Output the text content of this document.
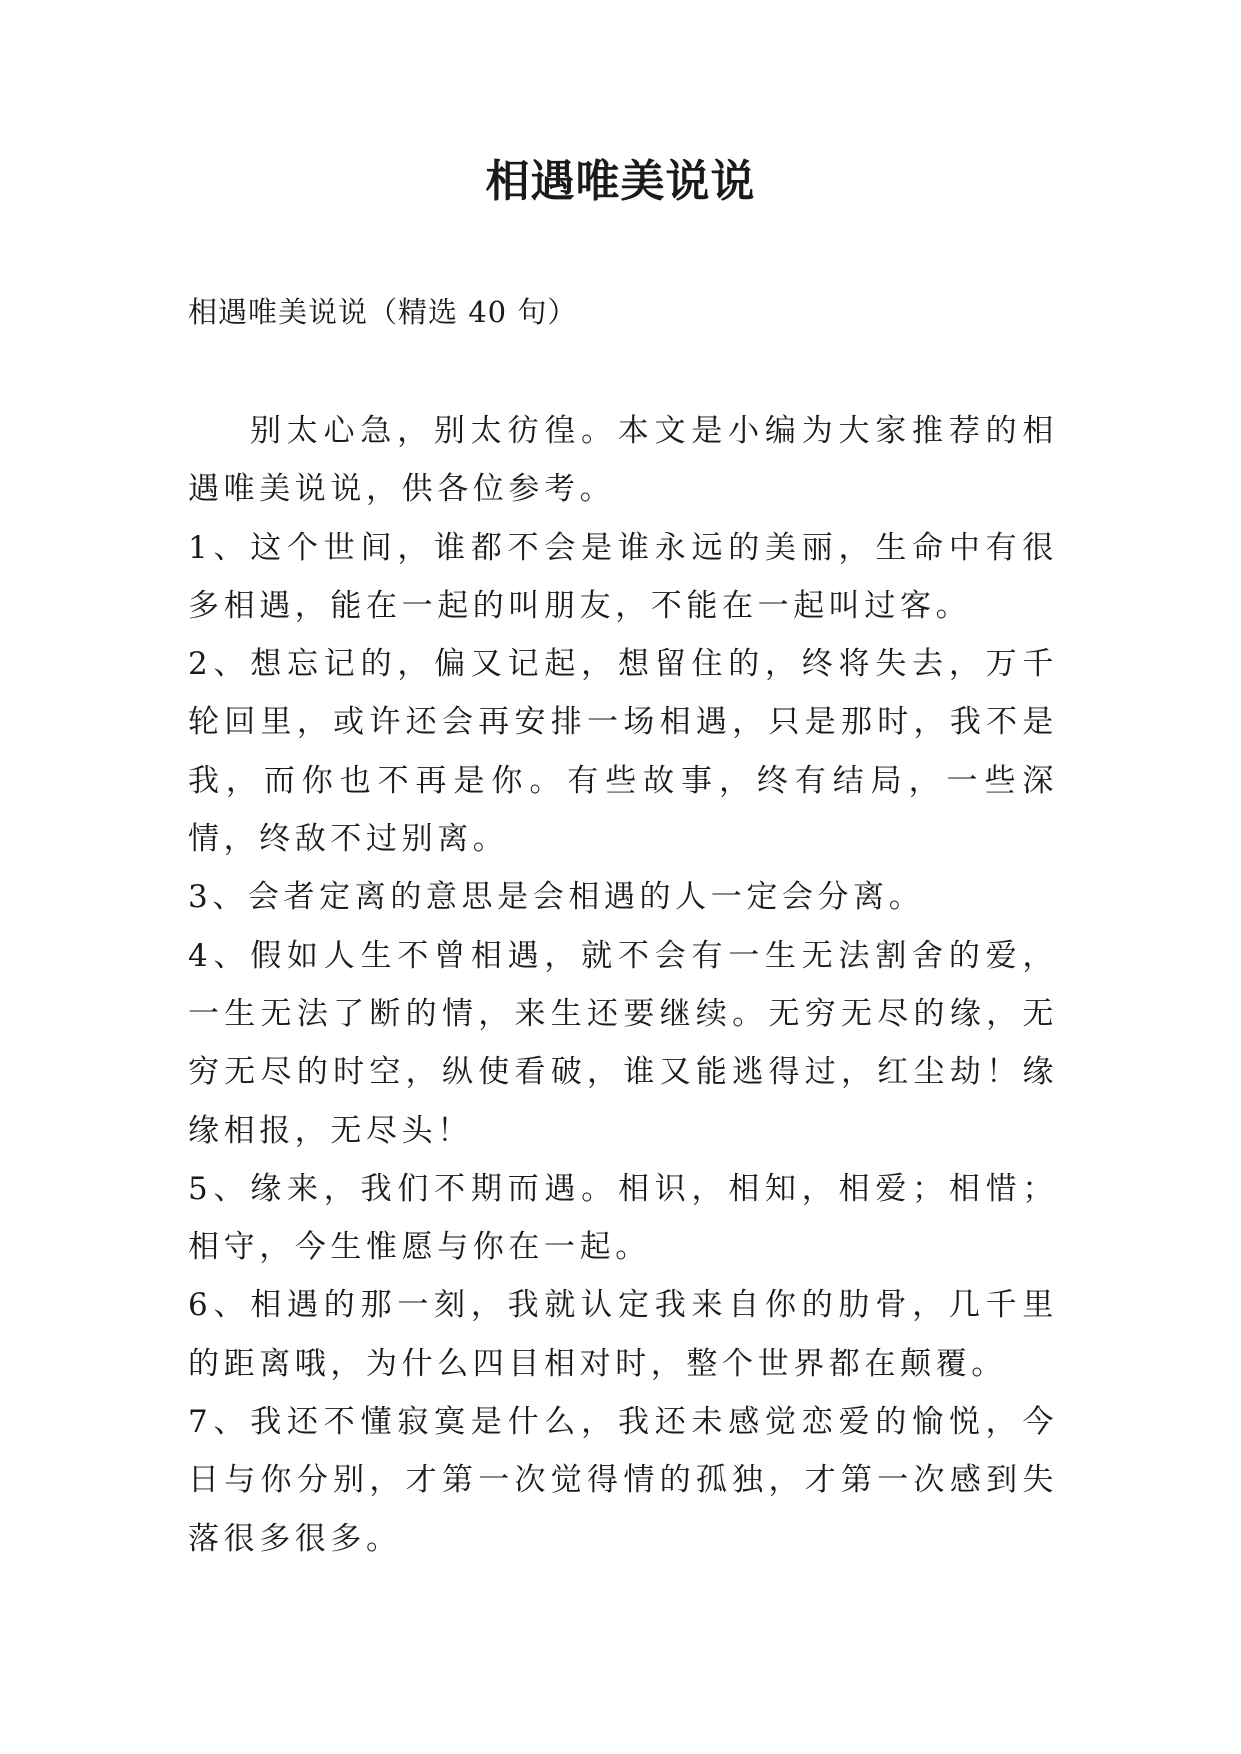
相遇唯美说说

相遇唯美说说（精选 40 句）

别太心急，别太彷徨。本文是小编为大家推荐的相遇唯美说说，供各位参考。

1、这个世间，谁都不会是谁永远的美丽，生命中有很多相遇，能在一起的叫朋友，不能在一起叫过客。

2、想忘记的，偏又记起，想留住的，终将失去，万千轮回里，或许还会再安排一场相遇，只是那时，我不是我，而你也不再是你。有些故事，终有结局，一些深情，终敌不过别离。

3、会者定离的意思是会相遇的人一定会分离。

4、假如人生不曾相遇，就不会有一生无法割舍的爱，一生无法了断的情，来生还要继续。无穷无尽的缘，无穷无尽的时空，纵使看破，谁又能逃得过，红尘劫！缘缘相报，无尽头！

5、缘来，我们不期而遇。相识，相知，相爱；相惜；相守，今生惟愿与你在一起。

6、相遇的那一刻，我就认定我来自你的肋骨，几千里的距离哦，为什么四目相对时，整个世界都在颠覆。

7、我还不懂寂寞是什么，我还未感觉恋爱的愉悦，今日与你分别，才第一次觉得情的孤独，才第一次感到失落很多很多。
